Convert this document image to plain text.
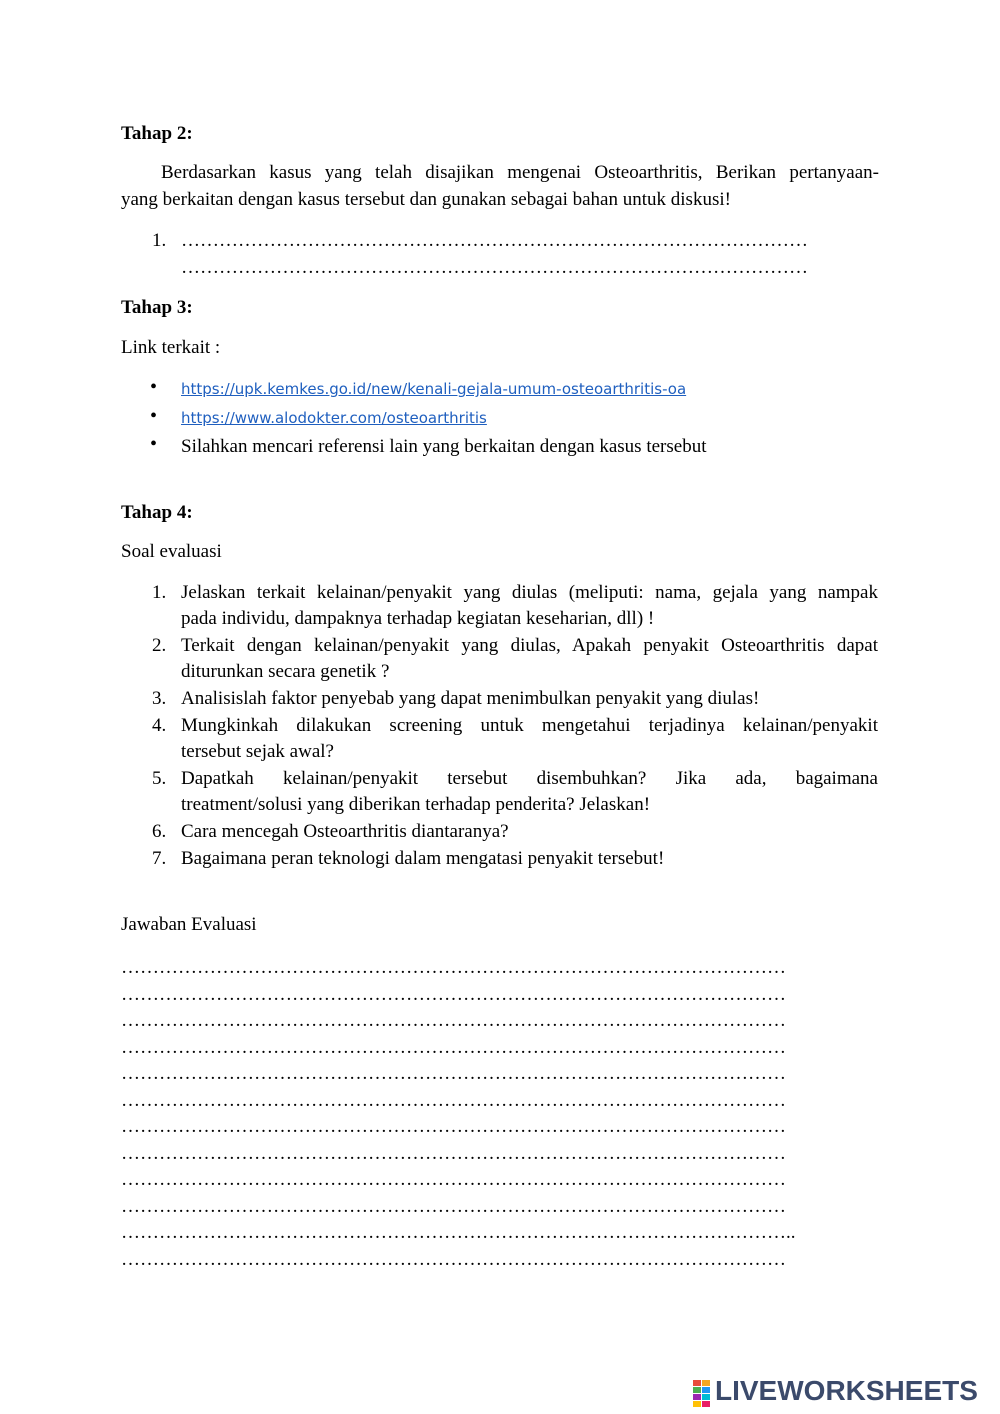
Tahap 2:

Berdasarkan kasus yang telah disajikan mengenai Osteoarthritis, Berikan pertanyaan-

yang berkaitan dengan kasus tersebut dan gunakan sebagai bahan untuk diskusi!

1. ………………………………………………………………………………………
………………………………………………………………………………………

Tahap 3:

Link terkait :

• https://upk.kemkes.go.id/new/kenali-gejala-umum-osteoarthritis-oa
• https://www.alodokter.com/osteoarthritis
• Silahkan mencari referensi lain yang berkaitan dengan kasus tersebut

Tahap 4:

Soal evaluasi

1. Jelaskan terkait kelainan/penyakit yang diulas (meliputi: nama, gejala yang nampak
pada individu, dampaknya terhadap kegiatan keseharian, dll) !
2. Terkait dengan kelainan/penyakit yang diulas, Apakah penyakit Osteoarthritis dapat
diturunkan secara genetik ?
3. Analisislah faktor penyebab yang dapat menimbulkan penyakit yang diulas!
4. Mungkinkah dilakukan screening untuk mengetahui terjadinya kelainan/penyakit
tersebut sejak awal?
5. Dapatkah kelainan/penyakit tersebut disembuhkan? Jika ada, bagaimana
treatment/solusi yang diberikan terhadap penderita? Jelaskan!
6. Cara mencegah Osteoarthritis diantaranya?
7. Bagaimana peran teknologi dalam mengatasi penyakit tersebut!

Jawaban Evaluasi

……………………………………………………………………………………………
……………………………………………………………………………………………
……………………………………………………………………………………………
……………………………………………………………………………………………
……………………………………………………………………………………………
……………………………………………………………………………………………
……………………………………………………………………………………………
……………………………………………………………………………………………
……………………………………………………………………………………………
……………………………………………………………………………………………
……………………………………………………………………………………………..
……………………………………………………………………………………………
LIVEWORKSHEETS
